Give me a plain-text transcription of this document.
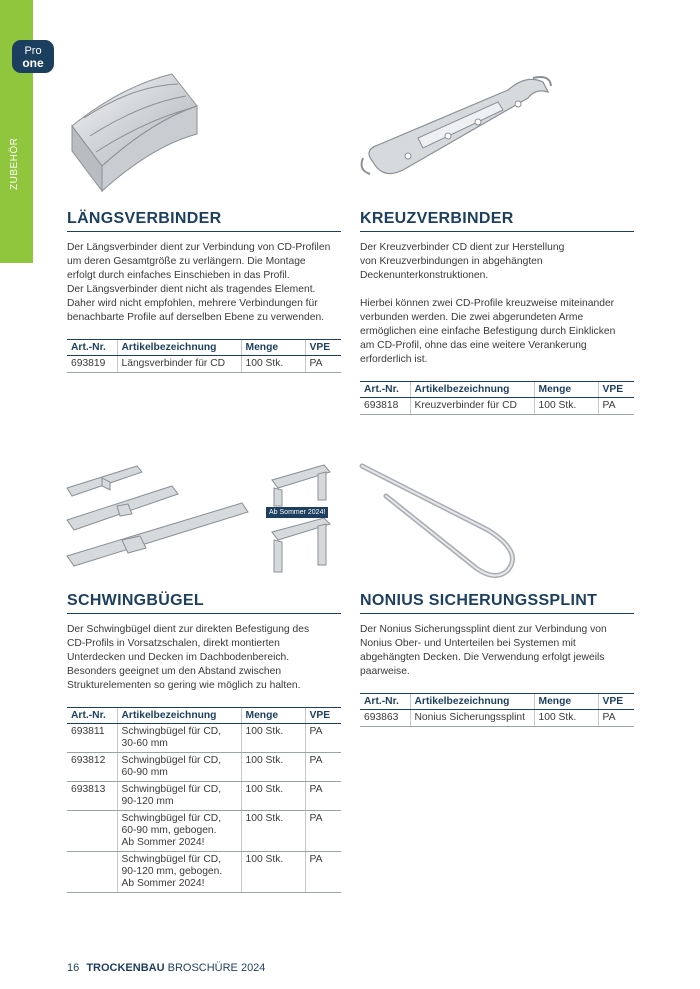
ZUBEHÖR
Pro
one
Ab Sommer 2024!
LÄNGSVERBINDER

Der Längsverbinder dient zur Verbindung von CD-Profilen
um deren Gesamtgröße zu verlängern. Die Montage
erfolgt durch einfaches Einschieben in das Profil.
Der Längsverbinder dient nicht als tragendes Element.
Daher wird nicht empfohlen, mehrere Verbindungen für
benachbarte Profile auf derselben Ebene zu verwenden.

Art.-Nr.	Artikelbezeichnung	Menge	VPE
693819	Längsverbinder für CD	100 Stk.	PA
KREUZVERBINDER

Der Kreuzverbinder CD dient zur Herstellung
von Kreuzverbindungen in abgehängten
Deckenunterkonstruktionen.

Hierbei können zwei CD-Profile kreuzweise miteinander
verbunden werden. Die zwei abgerundeten Arme
ermöglichen eine einfache Befestigung durch Einklicken
am CD-Profil, ohne das eine weitere Verankerung
erforderlich ist.

Art.-Nr.	Artikelbezeichnung	Menge	VPE
693818	Kreuzverbinder für CD	100 Stk.	PA
SCHWINGBÜGEL

Der Schwingbügel dient zur direkten Befestigung des
CD-Profils in Vorsatzschalen, direkt montierten
Unterdecken und Decken im Dachbodenbereich.
Besonders geeignet um den Abstand zwischen
Strukturelementen so gering wie möglich zu halten.

Art.-Nr.	Artikelbezeichnung	Menge	VPE
693811	Schwingbügel für CD,
30-60 mm	100 Stk.	PA
693812	Schwingbügel für CD,
60-90 mm	100 Stk.	PA
693813	Schwingbügel für CD,
90-120 mm	100 Stk.	PA
	Schwingbügel für CD,
60-90 mm, gebogen.
Ab Sommer 2024!	100 Stk.	PA
	Schwingbügel für CD,
90-120 mm, gebogen.
Ab Sommer 2024!	100 Stk.	PA
NONIUS SICHERUNGSSPLINT

Der Nonius Sicherungssplint dient zur Verbindung von
Nonius Ober- und Unterteilen bei Systemen mit
abgehängten Decken. Die Verwendung erfolgt jeweils
paarweise.

Art.-Nr.	Artikelbezeichnung	Menge	VPE
693863	Nonius Sicherungssplint	100 Stk.	PA
16 TROCKENBAU BROSCHÜRE 2024
